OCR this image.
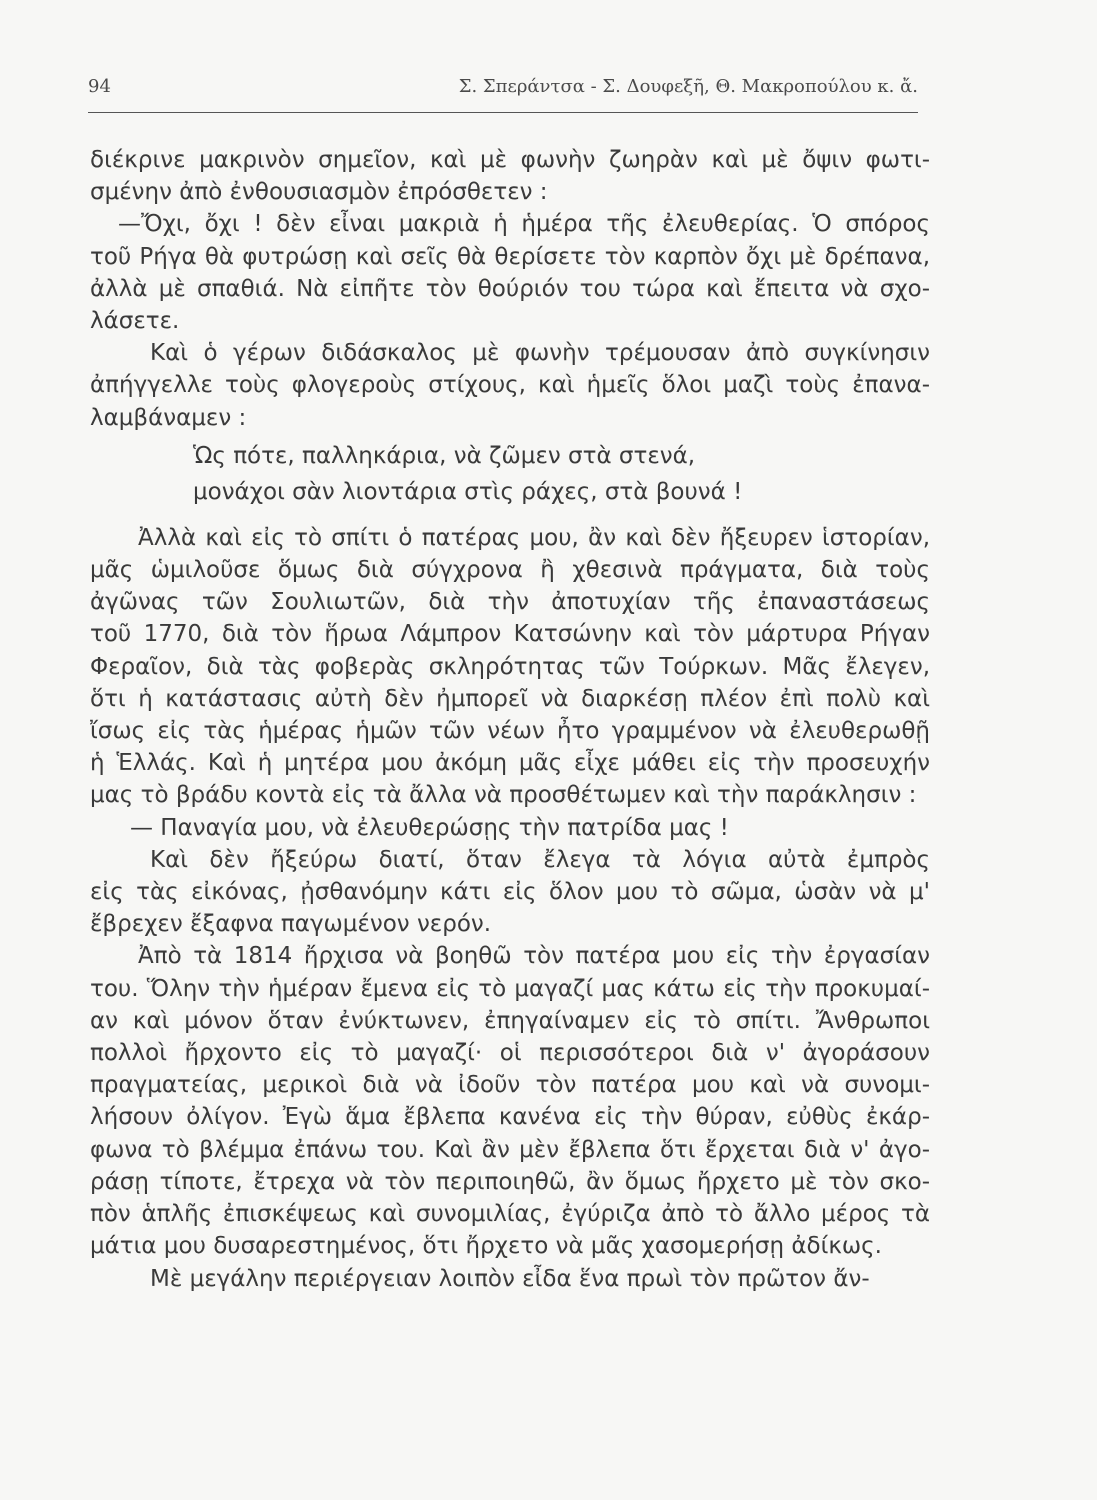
94	Σ. Σπεράντσα - Σ. Δουφεξῆ, Θ. Μακροπούλου κ. ἄ.

διέκρινε μακρινὸν σημεῖον, καὶ μὲ φωνὴν ζωηρὰν καὶ μὲ ὄψιν φωτι-
σμένην ἀπὸ ἐνθουσιασμὸν ἐπρόσθετεν :

—Ὄχι, ὄχι ! δὲν εἶναι μακριὰ ἡ ἡμέρα τῆς ἐλευθερίας. Ὁ σπόρος
τοῦ Ρήγα θὰ φυτρώσῃ καὶ σεῖς θὰ θερίσετε τὸν καρπὸν ὄχι μὲ δρέπανα,
ἀλλὰ μὲ σπαθιά. Νὰ εἰπῆτε τὸν θούριόν του τώρα καὶ ἔπειτα νὰ σχο-
λάσετε.

Καὶ ὁ γέρων διδάσκαλος μὲ φωνὴν τρέμουσαν ἀπὸ συγκίνησιν
ἀπήγγελλε τοὺς φλογεροὺς στίχους, καὶ ἡμεῖς ὅλοι μαζὶ τοὺς ἐπανα-
λαμβάναμεν :

Ὡς πότε, παλληκάρια, νὰ ζῶμεν στὰ στενά,
μονάχοι σὰν λιοντάρια στὶς ράχες, στὰ βουνά !

Ἀλλὰ καὶ εἰς τὸ σπίτι ὁ πατέρας μου, ἂν καὶ δὲν ἤξευρεν ἱστορίαν,
μᾶς ὡμιλοῦσε ὅμως διὰ σύγχρονα ἢ χθεσινὰ πράγματα, διὰ τοὺς
ἀγῶνας τῶν Σουλιωτῶν, διὰ τὴν ἀποτυχίαν τῆς ἐπαναστάσεως
τοῦ 1770, διὰ τὸν ἥρωα Λάμπρον Κατσώνην καὶ τὸν μάρτυρα Ρήγαν
Φεραῖον, διὰ τὰς φοβερὰς σκληρότητας τῶν Τούρκων. Μᾶς ἔλεγεν,
ὅτι ἡ κατάστασις αὐτὴ δὲν ἠμπορεῖ νὰ διαρκέσῃ πλέον ἐπὶ πολὺ καὶ
ἴσως εἰς τὰς ἡμέρας ἡμῶν τῶν νέων ἦτο γραμμένον νὰ ἐλευθερωθῇ
ἡ Ἑλλάς. Καὶ ἡ μητέρα μου ἀκόμη μᾶς εἶχε μάθει εἰς τὴν προσευχήν
μας τὸ βράδυ κοντὰ εἰς τὰ ἄλλα νὰ προσθέτωμεν καὶ τὴν παράκλησιν :

— Παναγία μου, νὰ ἐλευθερώσῃς τὴν πατρίδα μας !

Καὶ δὲν ἤξεύρω διατί, ὅταν ἔλεγα τὰ λόγια αὐτὰ ἐμπρὸς
εἰς τὰς εἰκόνας, ᾐσθανόμην κάτι εἰς ὅλον μου τὸ σῶμα, ὡσὰν νὰ μ'
ἔβρεχεν ἔξαφνα παγωμένον νερόν.

Ἀπὸ τὰ 1814 ἤρχισα νὰ βοηθῶ τὸν πατέρα μου εἰς τὴν ἐργασίαν
του. Ὅλην τὴν ἡμέραν ἔμενα εἰς τὸ μαγαζί μας κάτω εἰς τὴν προκυμαί-
αν καὶ μόνον ὅταν ἐνύκτωνεν, ἐπηγαίναμεν εἰς τὸ σπίτι. Ἄνθρωποι
πολλοὶ ἤρχοντο εἰς τὸ μαγαζί· οἱ περισσότεροι διὰ ν' ἀγοράσουν
πραγματείας, μερικοὶ διὰ νὰ ἰδοῦν τὸν πατέρα μου καὶ νὰ συνομι-
λήσουν ὀλίγον. Ἐγὼ ἅμα ἔβλεπα κανένα εἰς τὴν θύραν, εὐθὺς ἐκάρ-
φωνα τὸ βλέμμα ἐπάνω του. Καὶ ἂν μὲν ἔβλεπα ὅτι ἔρχεται διὰ ν' ἀγο-
ράσῃ τίποτε, ἔτρεχα νὰ τὸν περιποιηθῶ, ἂν ὅμως ἤρχετο μὲ τὸν σκο-
πὸν ἁπλῆς ἐπισκέψεως καὶ συνομιλίας, ἐγύριζα ἀπὸ τὸ ἄλλο μέρος τὰ
μάτια μου δυσαρεστημένος, ὅτι ἤρχετο νὰ μᾶς χασομερήσῃ ἀδίκως.

Μὲ μεγάλην περιέργειαν λοιπὸν εἶδα ἕνα πρωὶ τὸν πρῶτον ἄν-
